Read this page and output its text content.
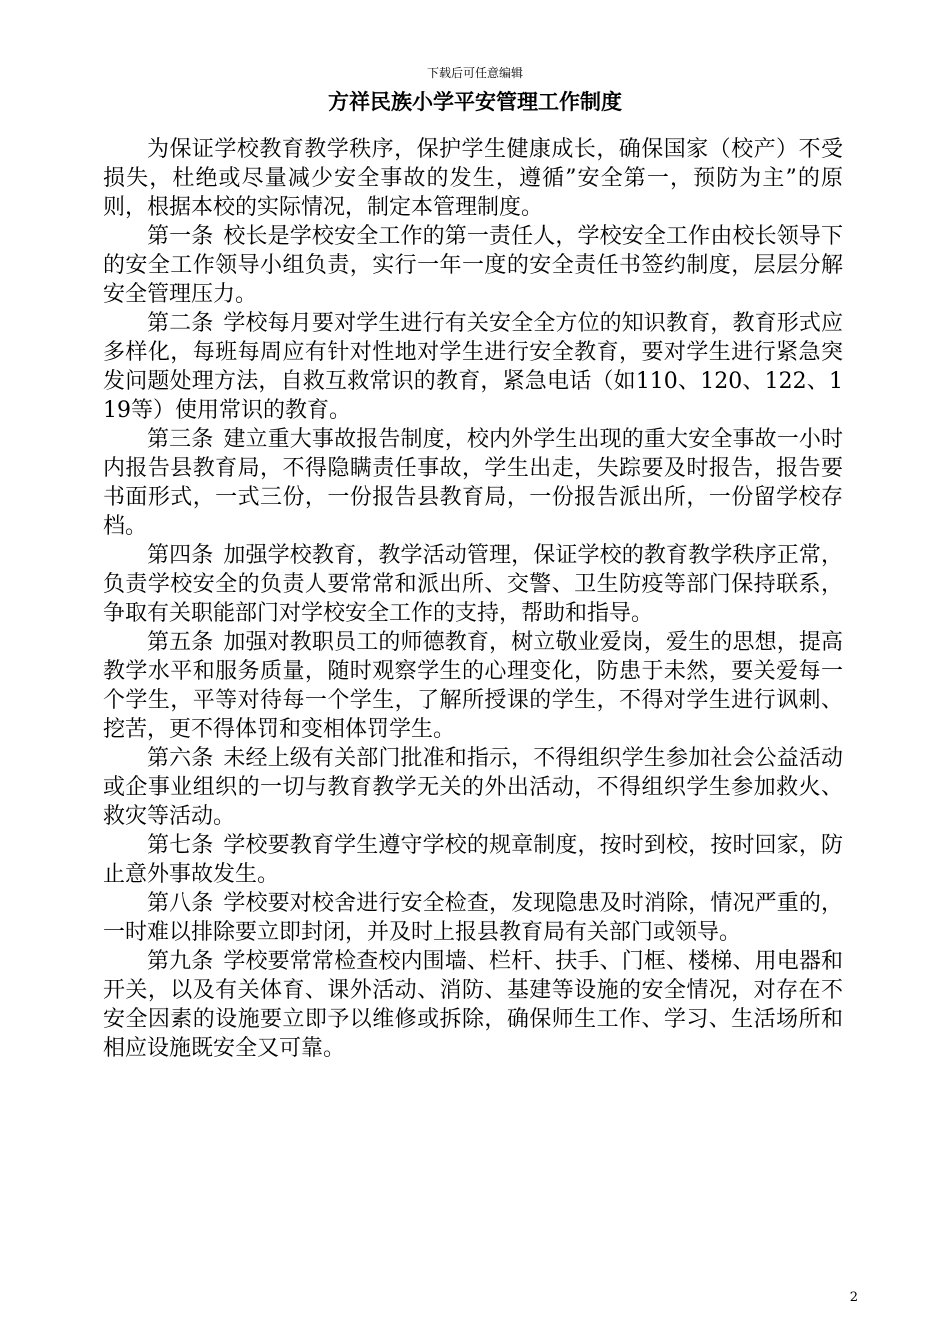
下载后可任意编辑
方祥民族小学平安管理工作制度

为保证学校教育教学秩序，保护学生健康成长，确保国家（校产）不受损失，杜绝或尽量减少安全事故的发生，遵循”安全第一，预防为主”的原则，根据本校的实际情况，制定本管理制度。

第一条 校长是学校安全工作的第一责任人，学校安全工作由校长领导下的安全工作领导小组负责，实行一年一度的安全责任书签约制度，层层分解安全管理压力。

第二条 学校每月要对学生进行有关安全全方位的知识教育，教育形式应多样化，每班每周应有针对性地对学生进行安全教育，要对学生进行紧急突发问题处理方法，自救互救常识的教育，紧急电话（如110、120、122、119等）使用常识的教育。

第三条 建立重大事故报告制度，校内外学生出现的重大安全事故一小时内报告县教育局，不得隐瞒责任事故，学生出走，失踪要及时报告，报告要书面形式，一式三份，一份报告县教育局，一份报告派出所，一份留学校存档。

第四条 加强学校教育，教学活动管理，保证学校的教育教学秩序正常，负责学校安全的负责人要常常和派出所、交警、卫生防疫等部门保持联系，争取有关职能部门对学校安全工作的支持，帮助和指导。

第五条 加强对教职员工的师德教育，树立敬业爱岗，爱生的思想，提高教学水平和服务质量，随时观察学生的心理变化，防患于未然，要关爱每一个学生，平等对待每一个学生，了解所授课的学生，不得对学生进行讽刺、挖苦，更不得体罚和变相体罚学生。

第六条 未经上级有关部门批准和指示，不得组织学生参加社会公益活动或企事业组织的一切与教育教学无关的外出活动，不得组织学生参加救火、救灾等活动。

第七条 学校要教育学生遵守学校的规章制度，按时到校，按时回家，防止意外事故发生。

第八条 学校要对校舍进行安全检查，发现隐患及时消除，情况严重的，一时难以排除要立即封闭，并及时上报县教育局有关部门或领导。

第九条 学校要常常检查校内围墙、栏杆、扶手、门框、楼梯、用电器和开关，以及有关体育、课外活动、消防、基建等设施的安全情况，对存在不安全因素的设施要立即予以维修或拆除，确保师生工作、学习、生活场所和相应设施既安全又可靠。

2
